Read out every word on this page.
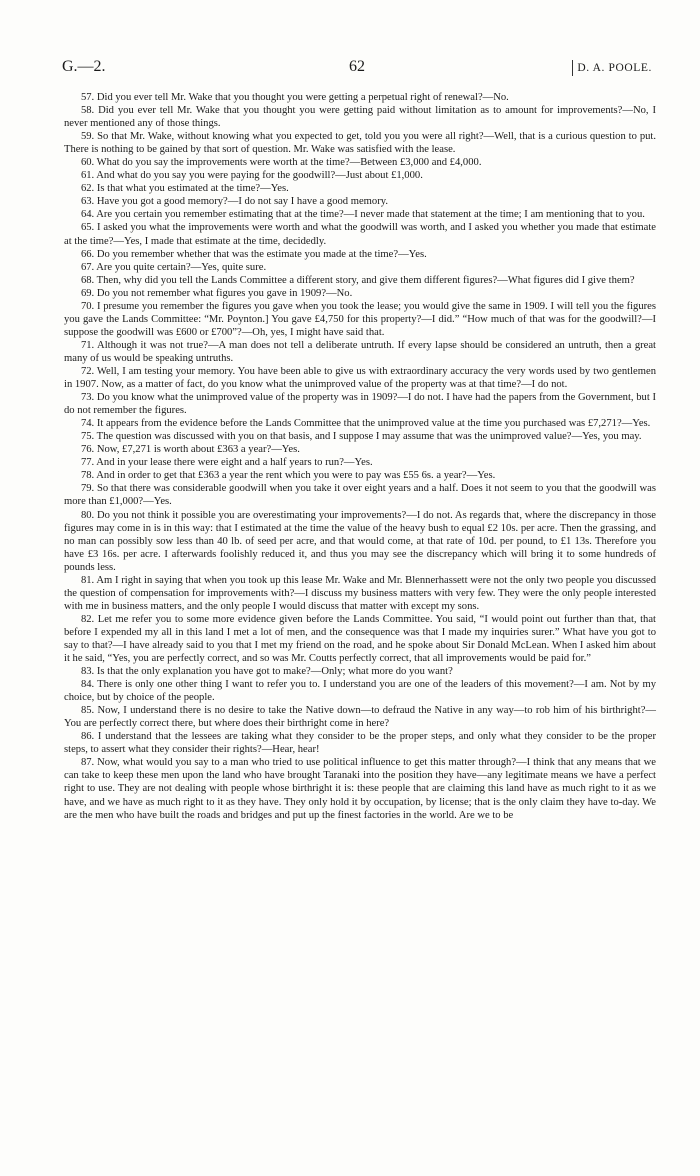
G.—2.	62	D. A. POOLE.

57. Did you ever tell Mr. Wake that you thought you were getting a perpetual right of renewal?—No.

58. Did you ever tell Mr. Wake that you thought you were getting paid without limitation as to amount for improvements?—No, I never mentioned any of those things.

59. So that Mr. Wake, without knowing what you expected to get, told you you were all right?—Well, that is a curious question to put. There is nothing to be gained by that sort of question. Mr. Wake was satisfied with the lease.

60. What do you say the improvements were worth at the time?—Between £3,000 and £4,000.

61. And what do you say you were paying for the goodwill?—Just about £1,000.

62. Is that what you estimated at the time?—Yes.

63. Have you got a good memory?—I do not say I have a good memory.

64. Are you certain you remember estimating that at the time?—I never made that statement at the time; I am mentioning that to you.

65. I asked you what the improvements were worth and what the goodwill was worth, and I asked you whether you made that estimate at the time?—Yes, I made that estimate at the time, decidedly.

66. Do you remember whether that was the estimate you made at the time?—Yes.

67. Are you quite certain?—Yes, quite sure.

68. Then, why did you tell the Lands Committee a different story, and give them different figures?—What figures did I give them?

69. Do you not remember what figures you gave in 1909?—No.

70. I presume you remember the figures you gave when you took the lease; you would give the same in 1909. I will tell you the figures you gave the Lands Committee: “Mr. Poynton.] You gave £4,750 for this property?—I did.” “How much of that was for the goodwill?—I suppose the goodwill was £600 or £700”?—Oh, yes, I might have said that.

71. Although it was not true?—A man does not tell a deliberate untruth. If every lapse should be considered an untruth, then a great many of us would be speaking untruths.

72. Well, I am testing your memory. You have been able to give us with extraordinary accuracy the very words used by two gentlemen in 1907. Now, as a matter of fact, do you know what the unimproved value of the property was at that time?—I do not.

73. Do you know what the unimproved value of the property was in 1909?—I do not. I have had the papers from the Government, but I do not remember the figures.

74. It appears from the evidence before the Lands Committee that the unimproved value at the time you purchased was £7,271?—Yes.

75. The question was discussed with you on that basis, and I suppose I may assume that was the unimproved value?—Yes, you may.

76. Now, £7,271 is worth about £363 a year?—Yes.

77. And in your lease there were eight and a half years to run?—Yes.

78. And in order to get that £363 a year the rent which you were to pay was £55 6s. a year?—Yes.

79. So that there was considerable goodwill when you take it over eight years and a half. Does it not seem to you that the goodwill was more than £1,000?—Yes.

80. Do you not think it possible you are overestimating your improvements?—I do not. As regards that, where the discrepancy in those figures may come in is in this way: that I estimated at the time the value of the heavy bush to equal £2 10s. per acre. Then the grassing, and no man can possibly sow less than 40 lb. of seed per acre, and that would come, at that rate of 10d. per pound, to £1 13s. Therefore you have £3 16s. per acre. I afterwards foolishly reduced it, and thus you may see the discrepancy which will bring it to some hundreds of pounds less.

81. Am I right in saying that when you took up this lease Mr. Wake and Mr. Blennerhassett were not the only two people you discussed the question of compensation for improvements with?—I discuss my business matters with very few. They were the only people interested with me in business matters, and the only people I would discuss that matter with except my sons.

82. Let me refer you to some more evidence given before the Lands Committee. You said, “I would point out further than that, that before I expended my all in this land I met a lot of men, and the consequence was that I made my inquiries surer.” What have you got to say to that?—I have already said to you that I met my friend on the road, and he spoke about Sir Donald McLean. When I asked him about it he said, “Yes, you are perfectly correct, and so was Mr. Coutts perfectly correct, that all improvements would be paid for.”

83. Is that the only explanation you have got to make?—Only; what more do you want?

84. There is only one other thing I want to refer you to. I understand you are one of the leaders of this movement?—I am. Not by my choice, but by choice of the people.

85. Now, I understand there is no desire to take the Native down—to defraud the Native in any way—to rob him of his birthright?—You are perfectly correct there, but where does their birthright come in here?

86. I understand that the lessees are taking what they consider to be the proper steps, and only what they consider to be the proper steps, to assert what they consider their rights?—Hear, hear!

87. Now, what would you say to a man who tried to use political influence to get this matter through?—I think that any means that we can take to keep these men upon the land who have brought Taranaki into the position they have—any legitimate means we have a perfect right to use. They are not dealing with people whose birthright it is: these people that are claiming this land have as much right to it as we have, and we have as much right to it as they have. They only hold it by occupation, by license; that is the only claim they have to-day. We are the men who have built the roads and bridges and put up the finest factories in the world. Are we to be
